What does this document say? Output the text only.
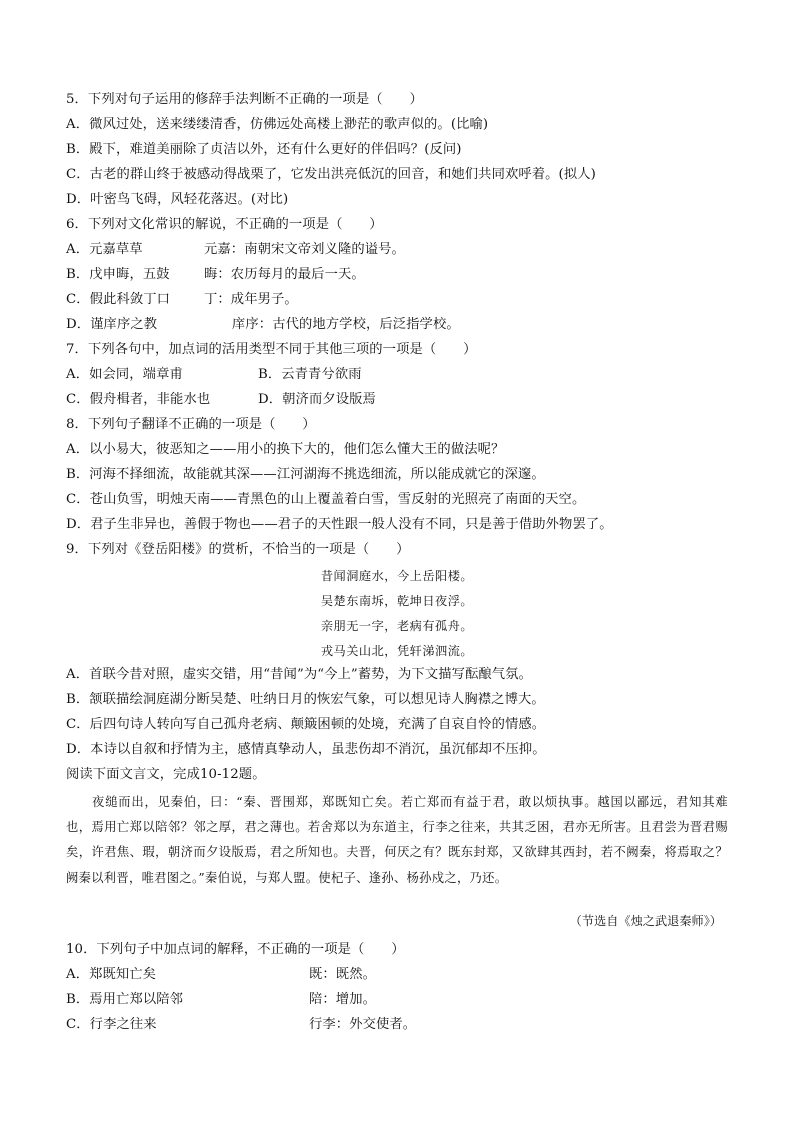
5．下列对句子运用的修辞手法判断不正确的一项是（　　）
A．微风过处，送来缕缕清香，仿佛远处高楼上渺茫的歌声似的。(比喻)
B．殿下，难道美丽除了贞洁以外，还有什么更好的伴侣吗？(反问)
C．古老的群山终于被感动得战栗了，它发出洪亮低沉的回音，和她们共同欢呼着。(拟人)
D．叶密鸟飞碍，风轻花落迟。(对比)
6．下列对文化常识的解说，不正确的一项是（　　）
A．元嘉草草	元嘉：南朝宋文帝刘义隆的谥号。
B．戊申晦，五鼓	晦：农历每月的最后一天。
C．假此科敛丁口	丁：成年男子。
D．谨庠序之教	庠序：古代的地方学校，后泛指学校。
7．下列各句中，加点词的活用类型不同于其他三项的一项是（　　）
A．如会同，端章甫	B．云青青兮欲雨
C．假舟楫者，非能水也	D．朝济而夕设版焉
8．下列句子翻译不正确的一项是（　　）
A．以小易大，彼恶知之——用小的换下大的，他们怎么懂大王的做法呢？
B．河海不择细流，故能就其深——江河湖海不挑选细流，所以能成就它的深邃。
C．苍山负雪，明烛天南——青黑色的山上覆盖着白雪，雪反射的光照亮了南面的天空。
D．君子生非异也，善假于物也——君子的天性跟一般人没有不同，只是善于借助外物罢了。
9．下列对《登岳阳楼》的赏析，不恰当的一项是（　　）
昔闻洞庭水，今上岳阳楼。
吴楚东南坼，乾坤日夜浮。
亲朋无一字，老病有孤舟。
戎马关山北，凭轩涕泗流。
A．首联今昔对照，虚实交错，用“昔闻”为“今上”蓄势，为下文描写酝酿气氛。
B．颔联描绘洞庭湖分断吴楚、吐纳日月的恢宏气象，可以想见诗人胸襟之博大。
C．后四句诗人转向写自己孤舟老病、颠簸困顿的处境，充满了自哀自怜的情感。
D．本诗以自叙和抒情为主，感情真挚动人，虽悲伤却不消沉，虽沉郁却不压抑。
阅读下面文言文，完成10-12题。

夜缒而出，见秦伯，曰：“秦、晋围郑，郑既知亡矣。若亡郑而有益于君，敢以烦执事。越国以鄙远，君知其难也，焉用亡郑以陪邻？邻之厚，君之薄也。若舍郑以为东道主，行李之往来，共其乏困，君亦无所害。且君尝为晋君赐矣，许君焦、瑕，朝济而夕设版焉，君之所知也。夫晋，何厌之有？既东封郑，又欲肆其西封，若不阙秦，将焉取之？阙秦以利晋，唯君图之。”秦伯说，与郑人盟。使杞子、逢孙、杨孙戍之，乃还。

（节选自《烛之武退秦师》）
10．下列句子中加点词的解释，不正确的一项是（　　）
A．郑既知亡矣	既：既然。
B．焉用亡郑以陪邻	陪：增加。
C．行李之往来	行李：外交使者。
